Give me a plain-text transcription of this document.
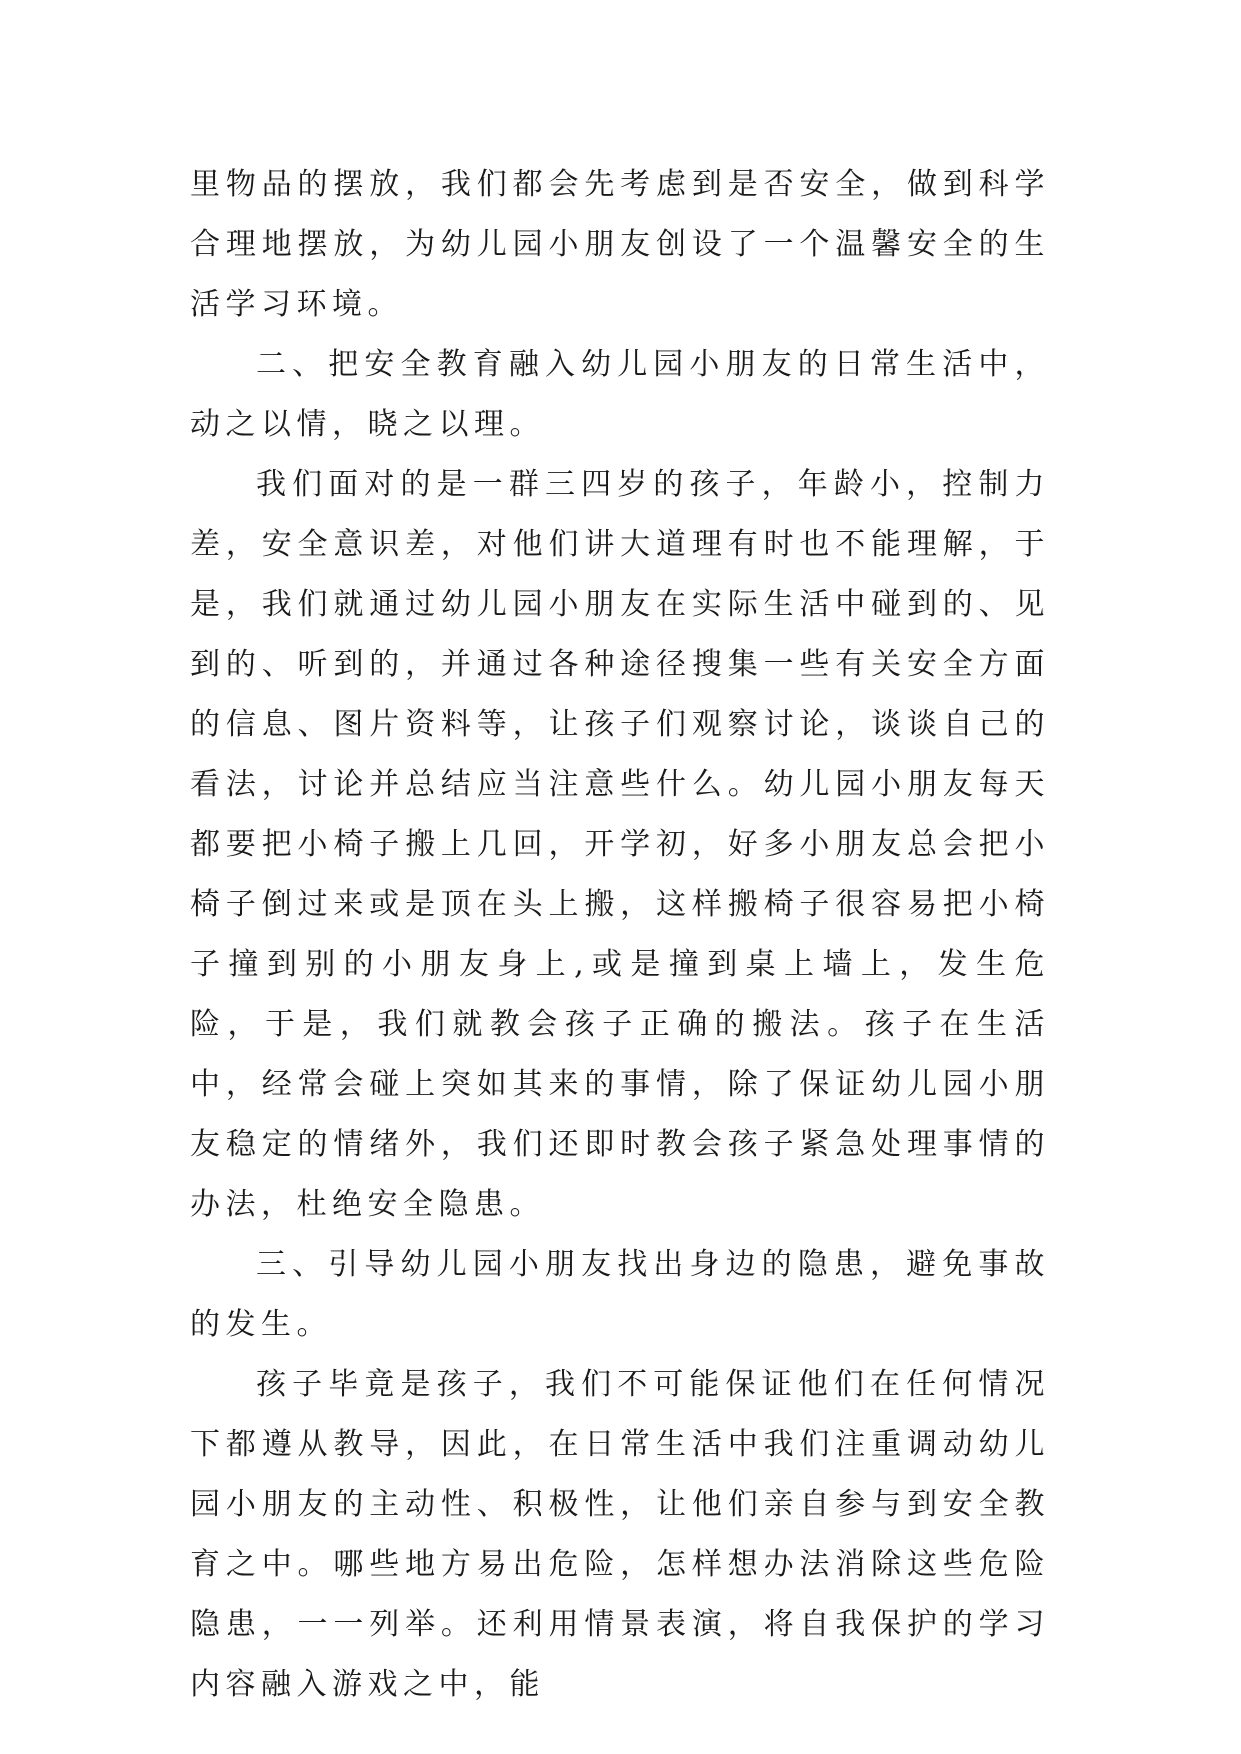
里物品的摆放，我们都会先考虑到是否安全，做到科学合理地摆放，为幼儿园小朋友创设了一个温馨安全的生活学习环境。

二、把安全教育融入幼儿园小朋友的日常生活中，动之以情，晓之以理。

我们面对的是一群三四岁的孩子，年龄小，控制力差，安全意识差，对他们讲大道理有时也不能理解，于是，我们就通过幼儿园小朋友在实际生活中碰到的、见到的、听到的，并通过各种途径搜集一些有关安全方面的信息、图片资料等，让孩子们观察讨论，谈谈自己的看法，讨论并总结应当注意些什么。幼儿园小朋友每天都要把小椅子搬上几回，开学初，好多小朋友总会把小椅子倒过来或是顶在头上搬，这样搬椅子很容易把小椅子撞到别的小朋友身上,或是撞到桌上墙上，发生危险，于是，我们就教会孩子正确的搬法。孩子在生活中，经常会碰上突如其来的事情，除了保证幼儿园小朋友稳定的情绪外，我们还即时教会孩子紧急处理事情的办法，杜绝安全隐患。

三、引导幼儿园小朋友找出身边的隐患，避免事故的发生。

孩子毕竟是孩子，我们不可能保证他们在任何情况下都遵从教导，因此，在日常生活中我们注重调动幼儿园小朋友的主动性、积极性，让他们亲自参与到安全教育之中。哪些地方易出危险，怎样想办法消除这些危险隐患，一一列举。还利用情景表演，将自我保护的学习内容融入游戏之中，能
